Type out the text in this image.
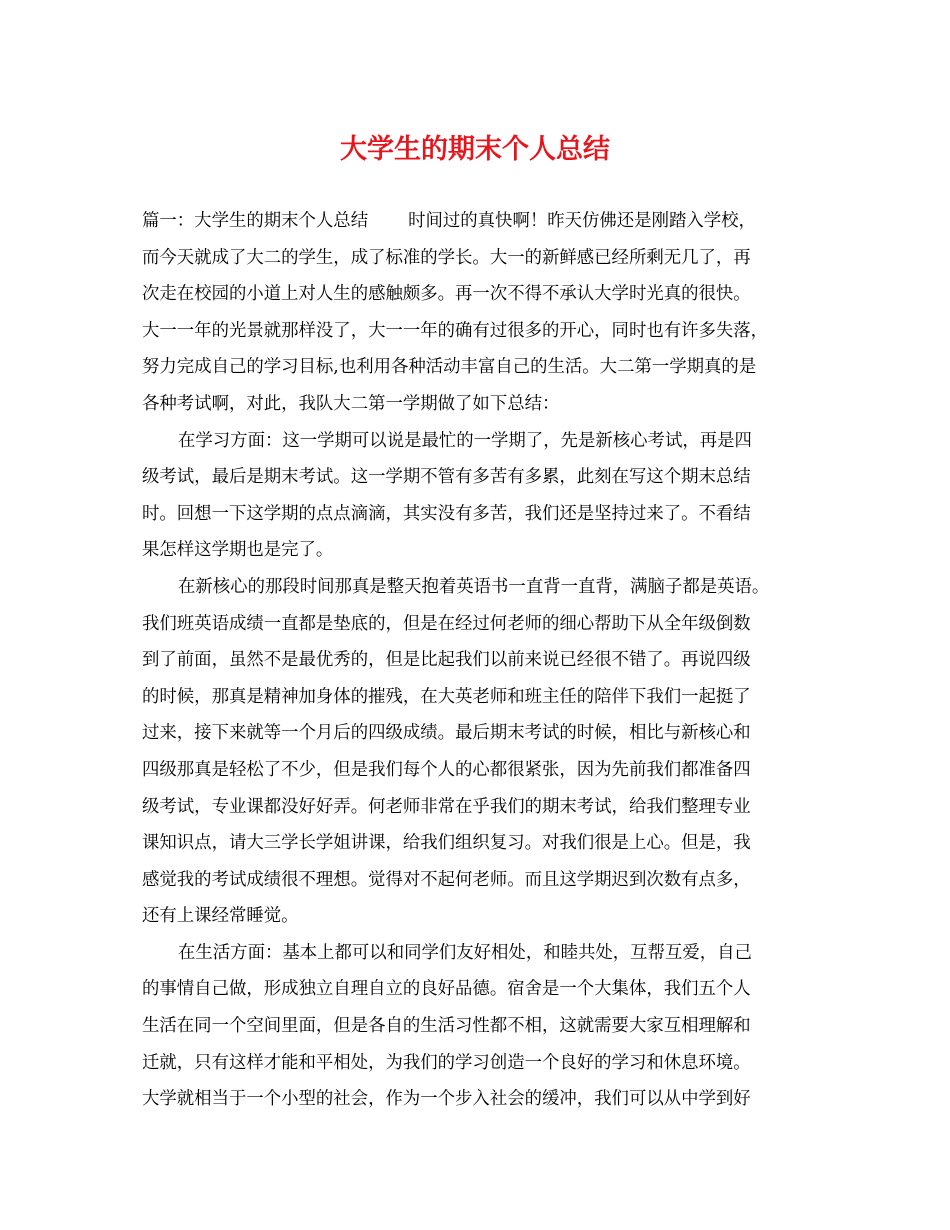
大学生的期末个人总结
篇一：大学生的期末个人总结 时间过的真快啊！昨天仿佛还是刚踏入学校，
而今天就成了大二的学生，成了标准的学长。大一的新鲜感已经所剩无几了，再
次走在校园的小道上对人生的感触颇多。再一次不得不承认大学时光真的很快。
大一一年的光景就那样没了，大一一年的确有过很多的开心，同时也有许多失落，
努力完成自己的学习目标,也利用各种活动丰富自己的生活。大二第一学期真的是
各种考试啊，对此，我队大二第一学期做了如下总结：
在学习方面：这一学期可以说是最忙的一学期了，先是新核心考试，再是四
级考试，最后是期末考试。这一学期不管有多苦有多累，此刻在写这个期末总结
时。回想一下这学期的点点滴滴，其实没有多苦，我们还是坚持过来了。不看结
果怎样这学期也是完了。
在新核心的那段时间那真是整天抱着英语书一直背一直背，满脑子都是英语。
我们班英语成绩一直都是垫底的，但是在经过何老师的细心帮助下从全年级倒数
到了前面，虽然不是最优秀的，但是比起我们以前来说已经很不错了。再说四级
的时候，那真是精神加身体的摧残，在大英老师和班主任的陪伴下我们一起挺了
过来，接下来就等一个月后的四级成绩。最后期末考试的时候，相比与新核心和
四级那真是轻松了不少，但是我们每个人的心都很紧张，因为先前我们都准备四
级考试，专业课都没好好弄。何老师非常在乎我们的期末考试，给我们整理专业
课知识点，请大三学长学姐讲课，给我们组织复习。对我们很是上心。但是，我
感觉我的考试成绩很不理想。觉得对不起何老师。而且这学期迟到次数有点多，
还有上课经常睡觉。
在生活方面：基本上都可以和同学们友好相处，和睦共处，互帮互爱，自己
的事情自己做，形成独立自理自立的良好品德。宿舍是一个大集体，我们五个人
生活在同一个空间里面，但是各自的生活习性都不相，这就需要大家互相理解和
迁就，只有这样才能和平相处，为我们的学习创造一个良好的学习和休息环境。
大学就相当于一个小型的社会，作为一个步入社会的缓冲，我们可以从中学到好
